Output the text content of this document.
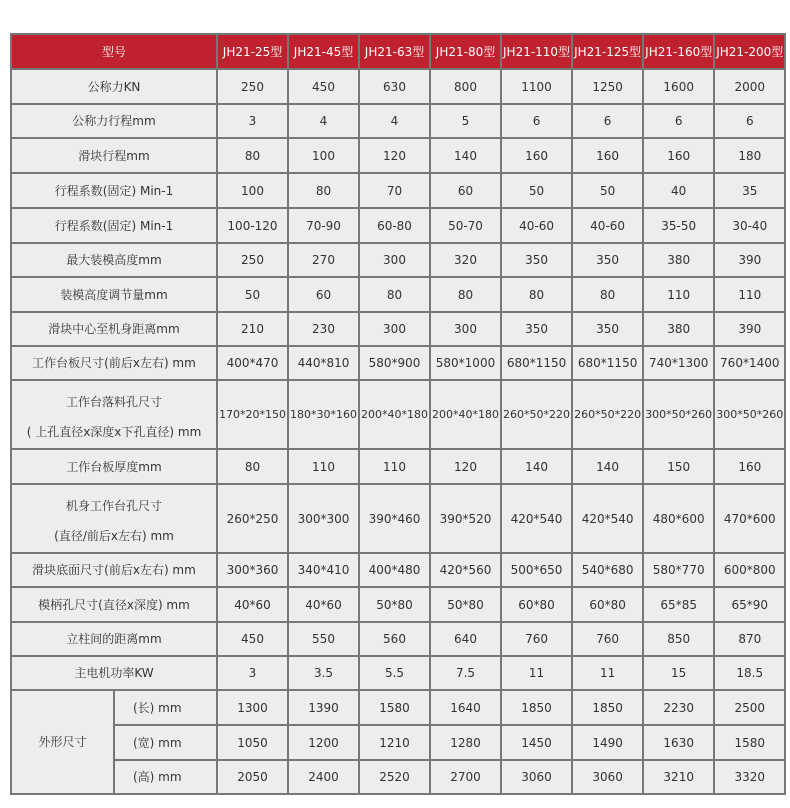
型号		JH21-25型	JH21-45型	JH21-63型	JH21-80型	JH21-110型	JH21-125型	JH21-160型	JH21-200型
公称力KN		250	450	630	800	1100	1250	1600	2000
公称力行程mm		3	4	4	5	6	6	6	6
滑块行程mm		80	100	120	140	160	160	160	180
行程系数(固定) Min-1		100	80	70	60	50	50	40	35
行程系数(固定) Min-1		100-120	70-90	60-80	50-70	40-60	40-60	35-50	30-40
最大装模高度mm		250	270	300	320	350	350	380	390
装模高度调节量mm		50	60	80	80	80	80	110	110
滑块中心至机身距离mm		210	230	300	300	350	350	380	390
工作台板尺寸(前后x左右) mm		400*470	440*810	580*900	580*1000	680*1150	680*1150	740*1300	760*1400

工作台落料孔尺寸
( 上孔直径x深度x下孔直径) mm		170*20*150	180*30*160	200*40*180	200*40*180	260*50*220	260*50*220	300*50*260	300*50*260
工作台板厚度mm		80	110	110	120	140	140	150	160

机身工作台孔尺寸
(直径/前后x左右) mm		260*250	300*300	390*460	390*520	420*540	420*540	480*600	470*600
滑块底面尺寸(前后x左右) mm		300*360	340*410	400*480	420*560	500*650	540*680	580*770	600*800
模柄孔尺寸(直径x深度) mm		40*60	40*60	50*80	50*80	60*80	60*80	65*85	65*90
立柱间的距离mm		450	550	560	640	760	760	850	870
主电机功率KW		3	3.5	5.5	7.5	11	11	15	18.5
外形尺寸	(长) mm	1300	1390	1580	1640	1850	1850	2230	2500
	(宽) mm	1050	1200	1210	1280	1450	1490	1630	1580
	(高) mm	2050	2400	2520	2700	3060	3060	3210	3320
